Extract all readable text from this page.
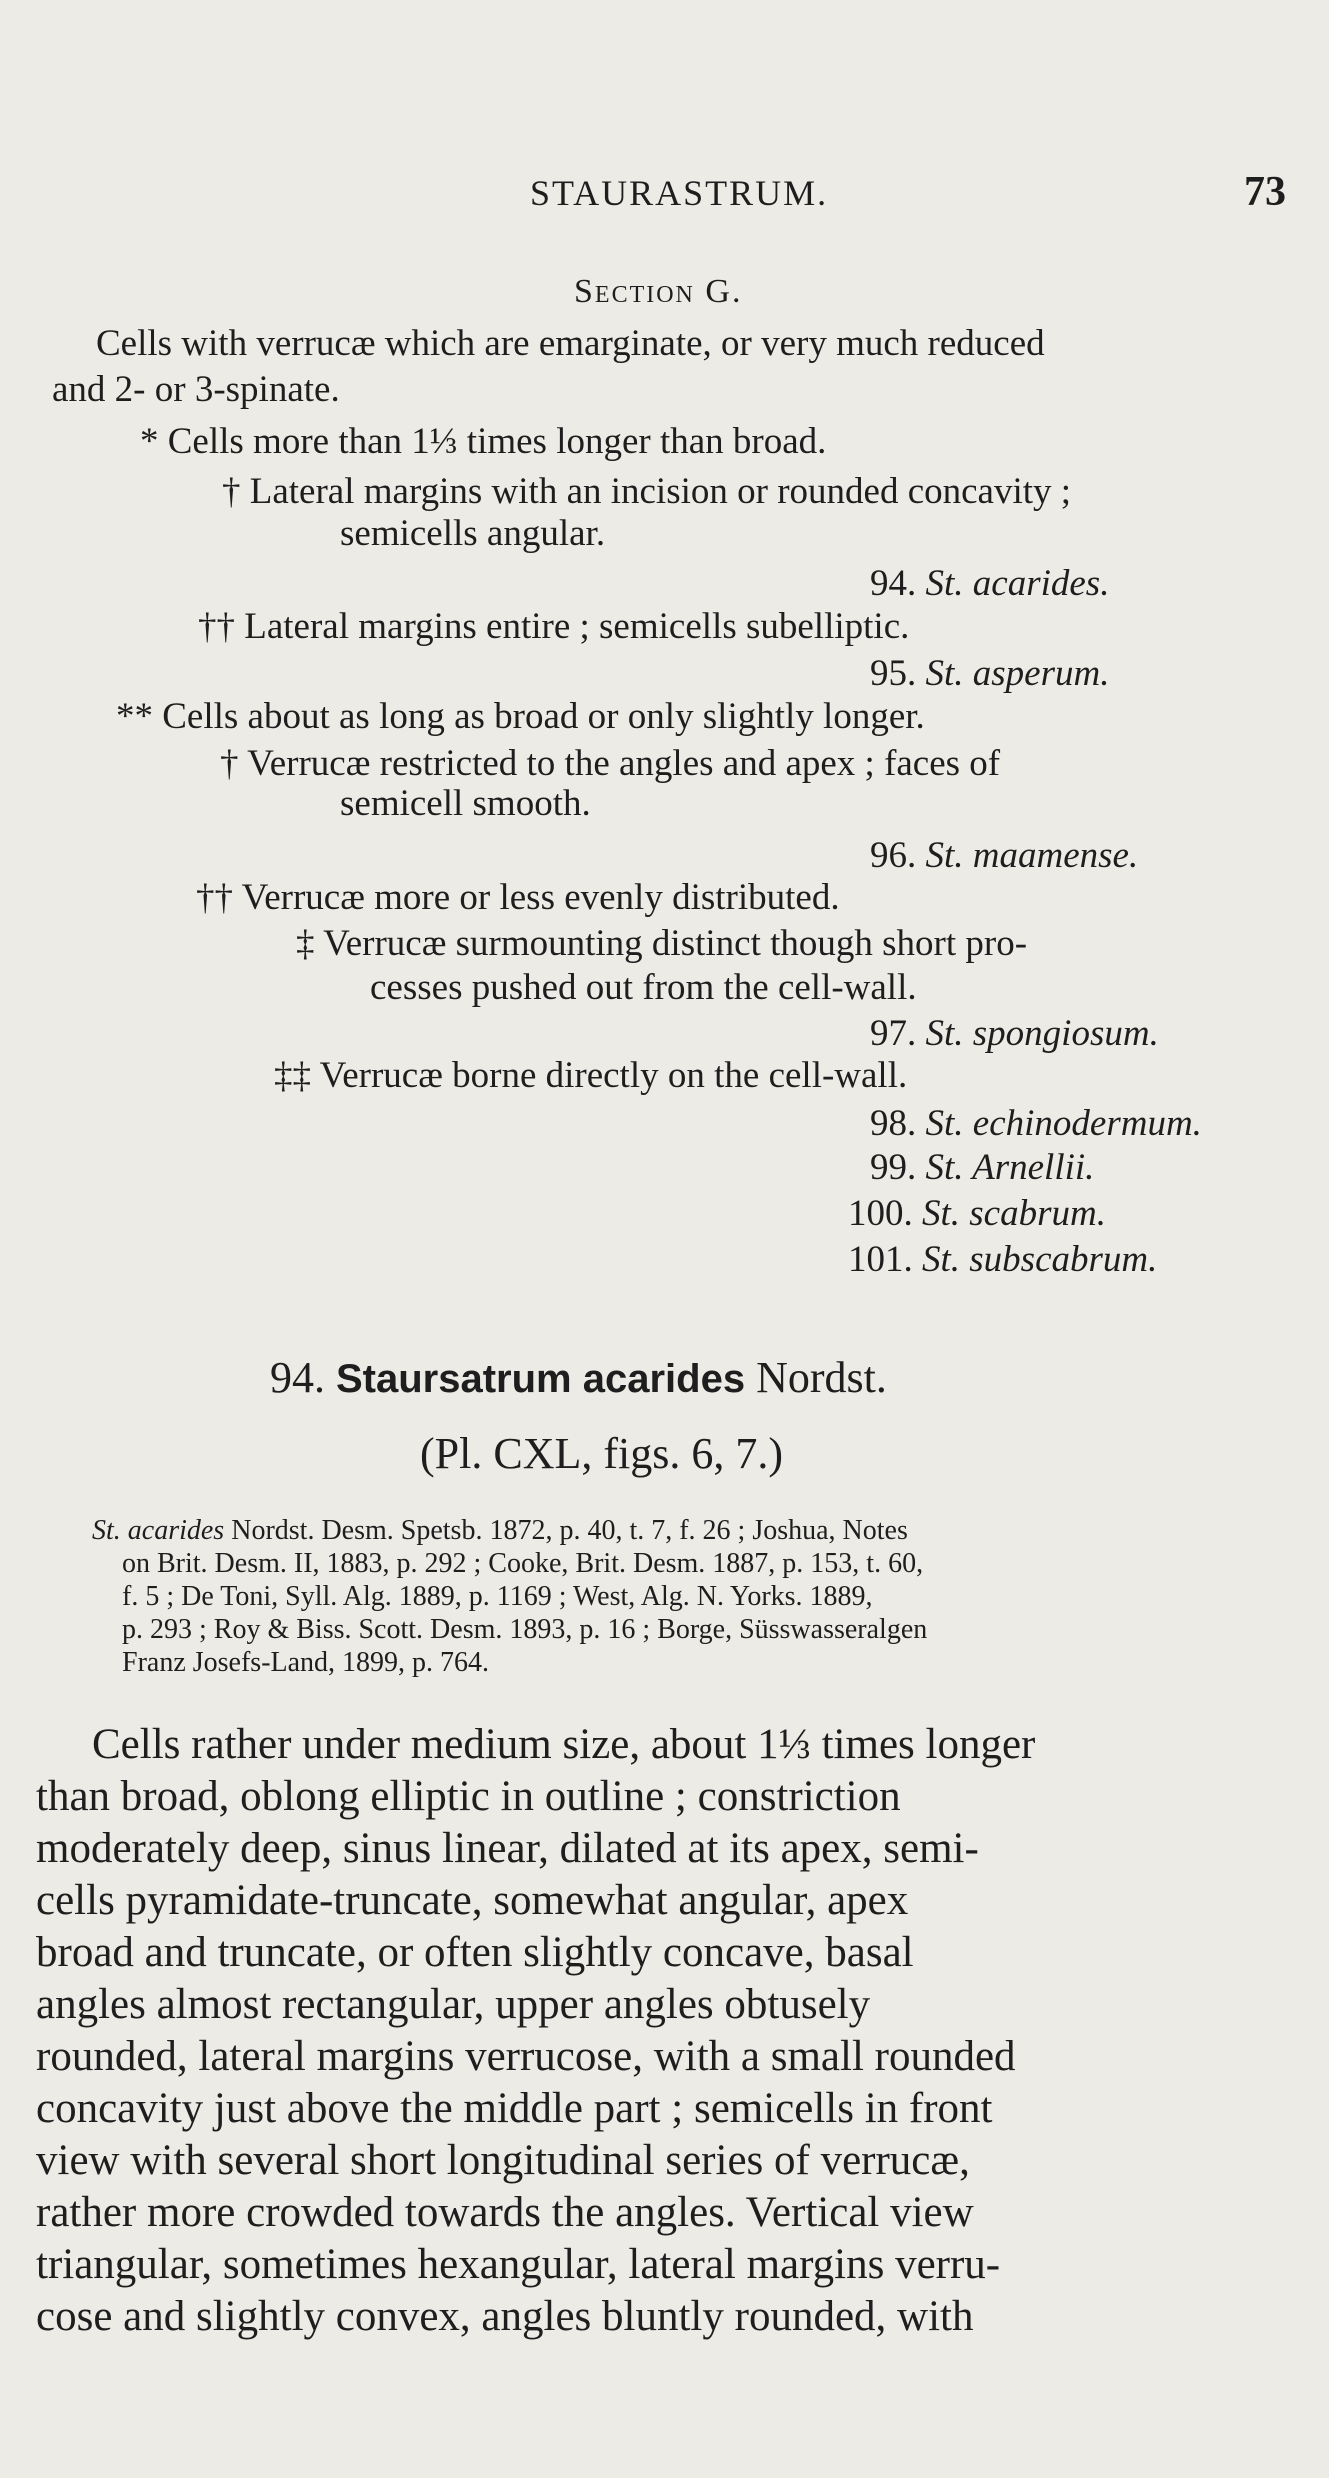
STAURASTRUM.	73
Section G.
Cells with verrucæ which are emarginate, or very much reduced
and 2- or 3-spinate.
* Cells more than 1⅓ times longer than broad.
† Lateral margins with an incision or rounded concavity ;
semicells angular.
94. St. acarides.
†† Lateral margins entire ; semicells subelliptic.
95. St. asperum.
** Cells about as long as broad or only slightly longer.
† Verrucæ restricted to the angles and apex ; faces of
semicell smooth.
96. St. maamense.
†† Verrucæ more or less evenly distributed.
‡ Verrucæ surmounting distinct though short pro-
cesses pushed out from the cell-wall.
97. St. spongiosum.
‡‡ Verrucæ borne directly on the cell-wall.
98. St. echinodermum.
99. St. Arnellii.
100. St. scabrum.
101. St. subscabrum.
94. Staursatrum acarides Nordst.
(Pl. CXL, figs. 6, 7.)
St. acarides Nordst. Desm. Spetsb. 1872, p. 40, t. 7, f. 26 ; Joshua, Notes
on Brit. Desm. II, 1883, p. 292 ; Cooke, Brit. Desm. 1887, p. 153, t. 60,
f. 5 ; De Toni, Syll. Alg. 1889, p. 1169 ; West, Alg. N. Yorks. 1889,
p. 293 ; Roy & Biss. Scott. Desm. 1893, p. 16 ; Borge, Süsswasseralgen
Franz Josefs-Land, 1899, p. 764.
Cells rather under medium size, about 1⅓ times longer
than broad, oblong elliptic in outline ; constriction
moderately deep, sinus linear, dilated at its apex, semi-
cells pyramidate-truncate, somewhat angular, apex
broad and truncate, or often slightly concave, basal
angles almost rectangular, upper angles obtusely
rounded, lateral margins verrucose, with a small rounded
concavity just above the middle part ; semicells in front
view with several short longitudinal series of verrucæ,
rather more crowded towards the angles. Vertical view
triangular, sometimes hexangular, lateral margins verru-
cose and slightly convex, angles bluntly rounded, with
